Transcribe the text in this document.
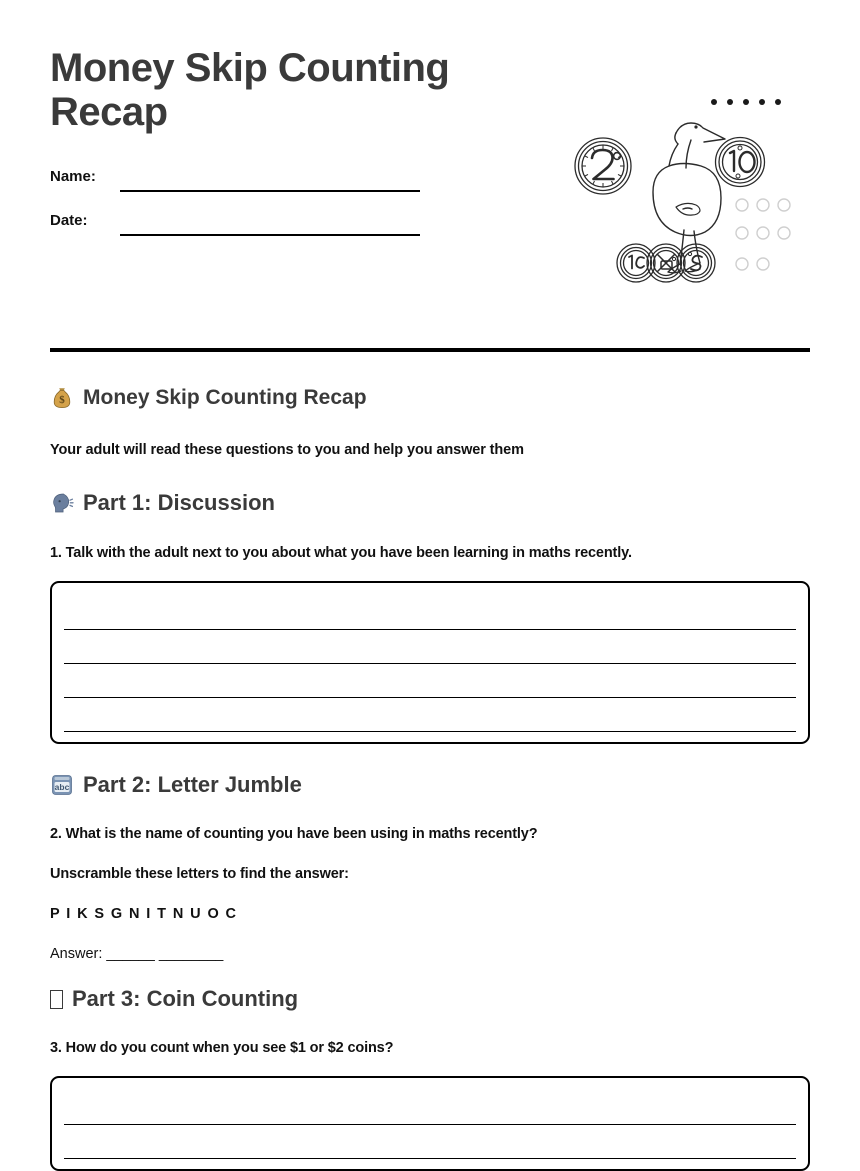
Money Skip Counting Recap
Name:
Date:
$ Money Skip Counting Recap

Your adult will read these questions to you and help you answer them

Part 1: Discussion

1. Talk with the adult next to you about what you have been learning in maths recently.

abc Part 2: Letter Jumble

2. What is the name of counting you have been using in maths recently?

Unscramble these letters to find the answer:

P I K S G N I T N U O C

Answer: ______ ________

Part 3: Coin Counting

3. How do you count when you see $1 or $2 coins?
